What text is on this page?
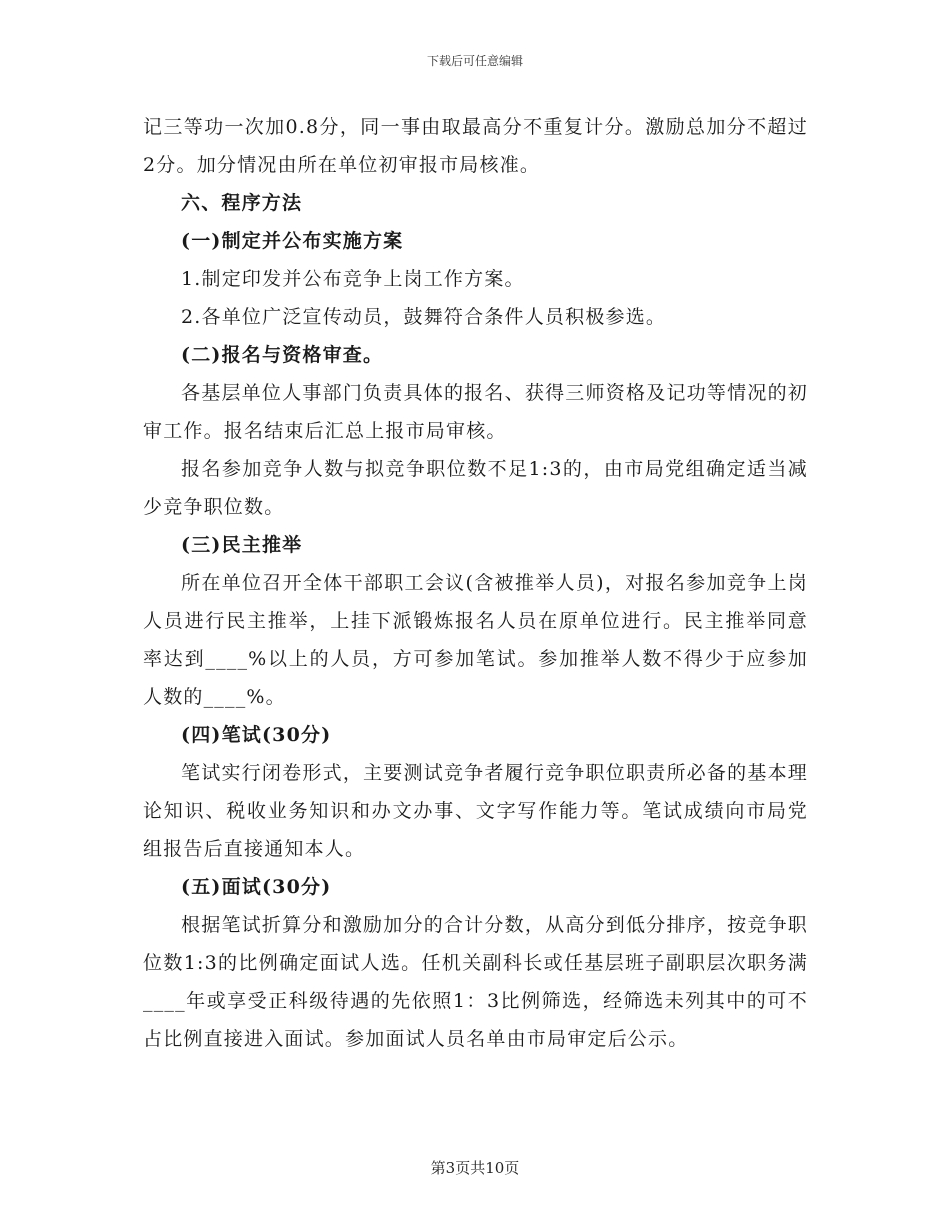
下载后可任意编辑

记三等功一次加0.8分，同一事由取最高分不重复计分。激励总加分不超过2分。加分情况由所在单位初审报市局核准。

六、程序方法

(一)制定并公布实施方案

1.制定印发并公布竞争上岗工作方案。

2.各单位广泛宣传动员，鼓舞符合条件人员积极参选。

(二)报名与资格审查。

各基层单位人事部门负责具体的报名、获得三师资格及记功等情况的初审工作。报名结束后汇总上报市局审核。

报名参加竞争人数与拟竞争职位数不足1:3的，由市局党组确定适当减少竞争职位数。

(三)民主推举

所在单位召开全体干部职工会议(含被推举人员)，对报名参加竞争上岗人员进行民主推举，上挂下派锻炼报名人员在原单位进行。民主推举同意率达到____%以上的人员，方可参加笔试。参加推举人数不得少于应参加人数的____%。

(四)笔试(30分)

笔试实行闭卷形式，主要测试竞争者履行竞争职位职责所必备的基本理论知识、税收业务知识和办文办事、文字写作能力等。笔试成绩向市局党组报告后直接通知本人。

(五)面试(30分)

根据笔试折算分和激励加分的合计分数，从高分到低分排序，按竞争职位数1:3的比例确定面试人选。任机关副科长或任基层班子副职层次职务满____年或享受正科级待遇的先依照1：3比例筛选，经筛选未列其中的可不占比例直接进入面试。参加面试人员名单由市局审定后公示。

第3页共10页
